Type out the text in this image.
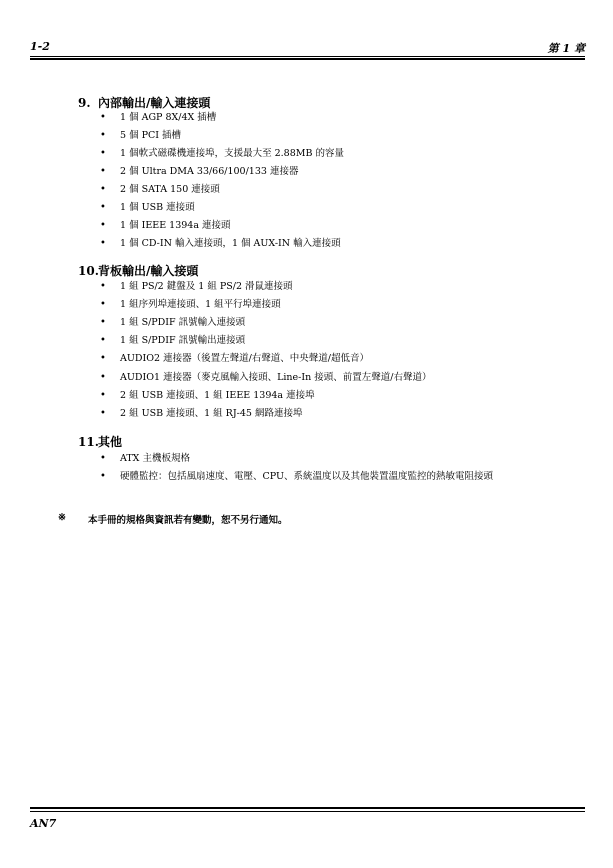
1-2	第 1 章
9. 內部輸出/輸入連接頭
• 1 個 AGP 8X/4X 插槽
• 5 個 PCI 插槽
• 1 個軟式磁碟機連接埠，支援最大至 2.88MB 的容量
• 2 個 Ultra DMA 33/66/100/133 連接器
• 2 個 SATA 150 連接頭
• 1 個 USB 連接頭
• 1 個 IEEE 1394a 連接頭
• 1 個 CD-IN 輸入連接頭，1 個 AUX-IN 輸入連接頭
10.背板輸出/輸入接頭
• 1 組 PS/2 鍵盤及 1 組 PS/2 滑鼠連接頭
• 1 組序列埠連接頭、1 組平行埠連接頭
• 1 組 S/PDIF 訊號輸入連接頭
• 1 組 S/PDIF 訊號輸出連接頭
• AUDIO2 連接器（後置左聲道/右聲道、中央聲道/超低音）
• AUDIO1 連接器（麥克風輸入接頭、Line-In 接頭、前置左聲道/右聲道）
• 2 組 USB 連接頭、1 組 IEEE 1394a 連接埠
• 2 組 USB 連接頭、1 組 RJ-45 網路連接埠
11.其他
• ATX 主機板規格
• 硬體監控：包括風扇速度、電壓、CPU、系統溫度以及其他裝置溫度監控的熱敏電阻接頭
※ 本手冊的規格與資訊若有變動，恕不另行通知。
AN7
